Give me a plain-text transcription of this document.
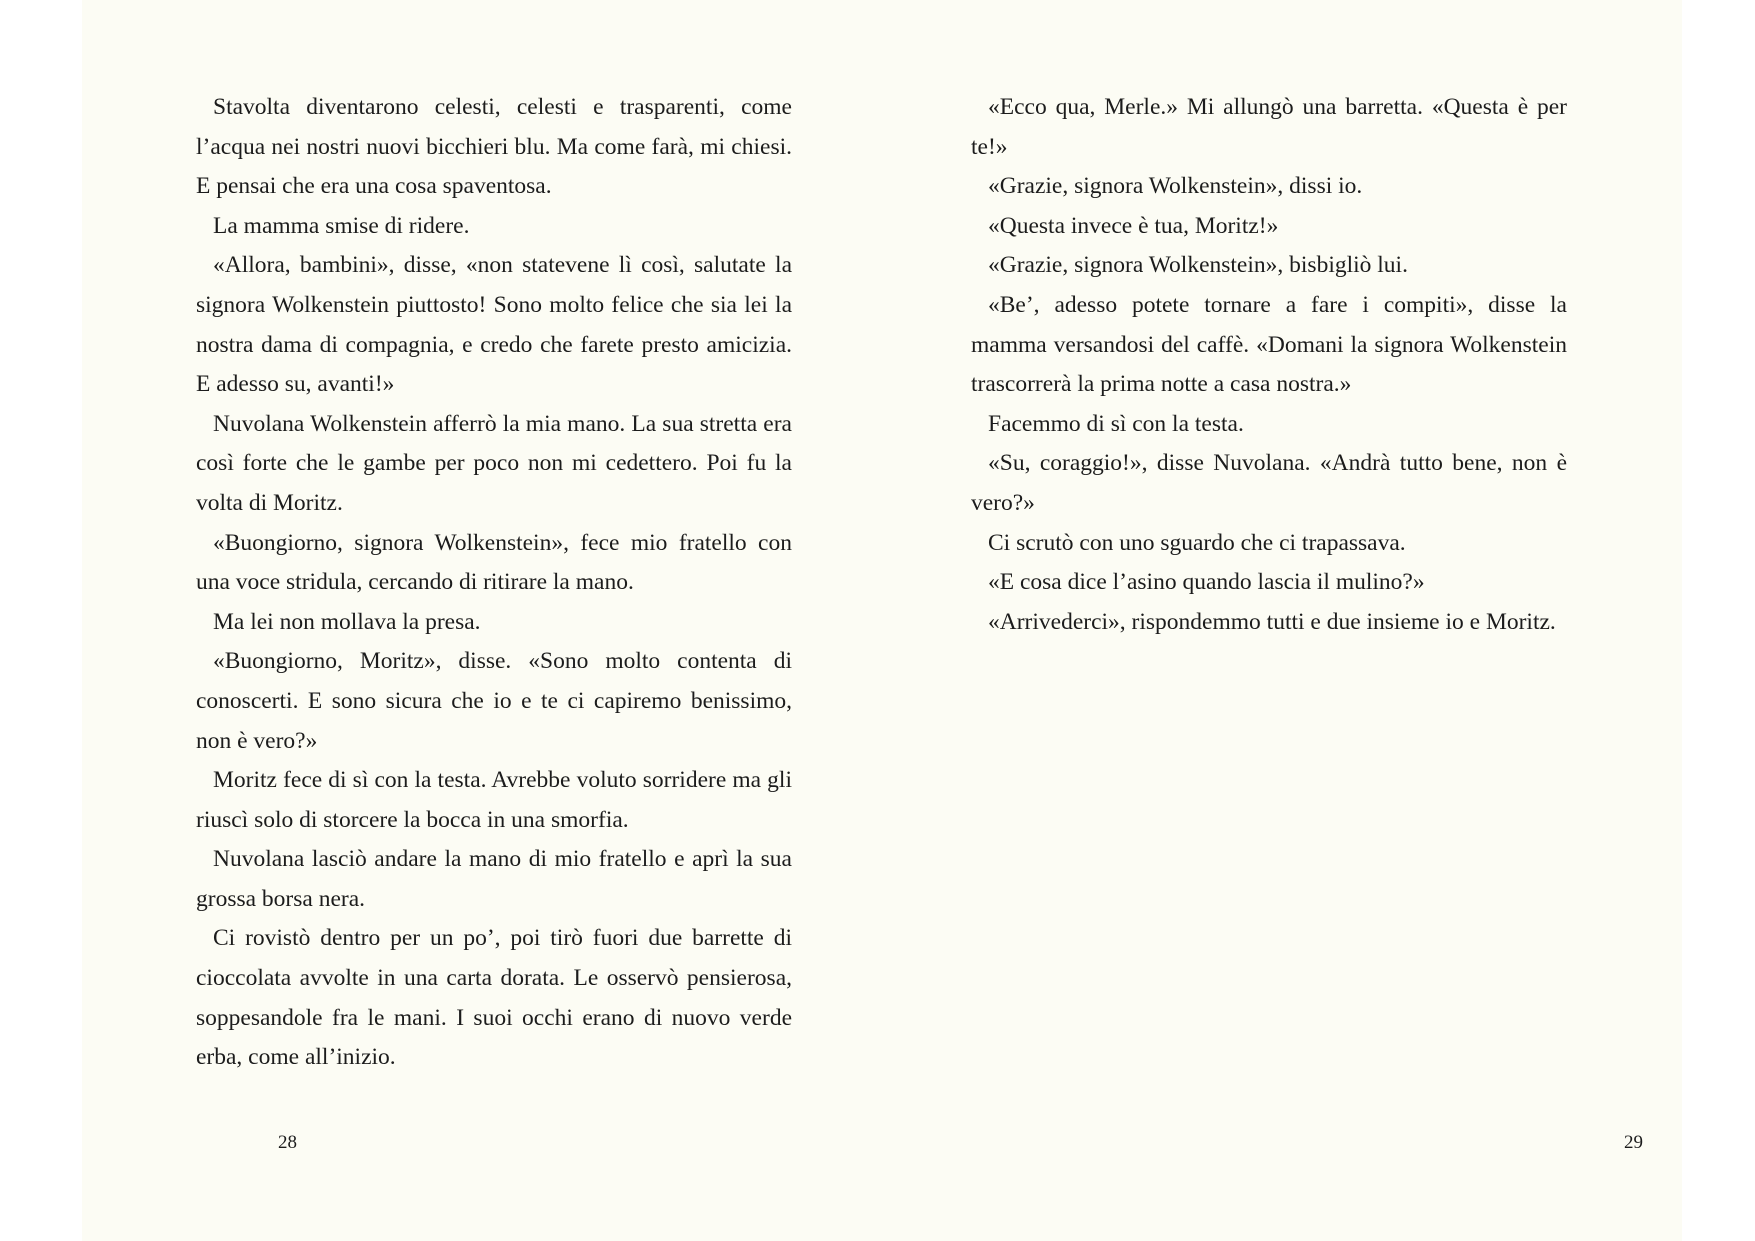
Stavolta diventarono celesti, celesti e trasparenti, come l’acqua nei nostri nuovi bicchieri blu. Ma come farà, mi chiesi. E pensai che era una cosa spaventosa.

La mamma smise di ridere.

«Allora, bambini», disse, «non statevene lì così, salutate la signora Wolkenstein piuttosto! Sono molto felice che sia lei la nostra dama di compagnia, e credo che farete presto amicizia. E adesso su, avanti!»

Nuvolana Wolkenstein afferrò la mia mano. La sua stretta era così forte che le gambe per poco non mi cedettero. Poi fu la volta di Moritz.

«Buongiorno, signora Wolkenstein», fece mio fratello con una voce stridula, cercando di ritirare la mano.

Ma lei non mollava la presa.

«Buongiorno, Moritz», disse. «Sono molto contenta di conoscerti. E sono sicura che io e te ci capiremo benissimo, non è vero?»

Moritz fece di sì con la testa. Avrebbe voluto sorridere ma gli riuscì solo di storcere la bocca in una smorfia.

Nuvolana lasciò andare la mano di mio fratello e aprì la sua grossa borsa nera.

Ci rovistò dentro per un po’, poi tirò fuori due barrette di cioccolata avvolte in una carta dorata. Le osservò pensierosa, soppesandole fra le mani. I suoi occhi erano di nuovo verde erba, come all’inizio.

«Ecco qua, Merle.» Mi allungò una barretta. «Questa è per te!»

«Grazie, signora Wolkenstein», dissi io.

«Questa invece è tua, Moritz!»

«Grazie, signora Wolkenstein», bisbigliò lui.

«Be’, adesso potete tornare a fare i compiti», disse la mamma versandosi del caffè. «Domani la signora Wolkenstein trascorrerà la prima notte a casa nostra.»

Facemmo di sì con la testa.

«Su, coraggio!», disse Nuvolana. «Andrà tutto bene, non è vero?»

Ci scrutò con uno sguardo che ci trapassava.

«E cosa dice l’asino quando lascia il mulino?»

«Arrivederci», rispondemmo tutti e due insieme io e Moritz.

28	29
